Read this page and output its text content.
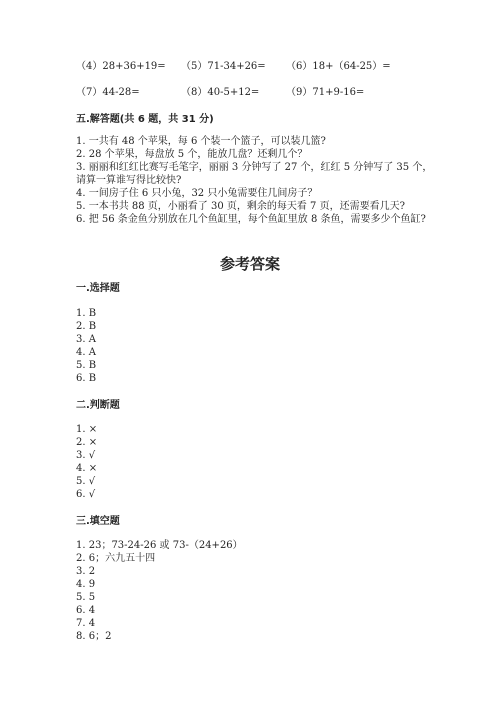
（4）28+36+19= （5）71-34+26= （6）18+（64-25）=
（7）44-28=	（8）40-5+12=	（9）71+9-16=
五.解答题(共 6 题，共 31 分)
1. 一共有 48 个苹果，每 6 个装一个篮子，可以装几篮?
2. 28 个苹果，每盘放 5 个，能放几盘？还剩几个？
3. 丽丽和红红比赛写毛笔字，丽丽 3 分钟写了 27 个，红红 5 分钟写了 35 个，
请算一算谁写得比较快?
4. 一间房子住 6 只小兔，32 只小兔需要住几间房子？
5. 一本书共 88 页，小丽看了 30 页，剩余的每天看 7 页，还需要看几天?
6. 把 56 条金鱼分别放在几个鱼缸里，每个鱼缸里放 8 条鱼，需要多少个鱼缸?
参考答案
一.选择题
1. B
2. B
3. A
4. A
5. B
6. B
二.判断题
1. ×
2. ×
3. √
4. ×
5. √
6. √
三.填空题
1. 23；73-24-26 或 73-（24+26）
2. 6；六九五十四
3. 2
4. 9
5. 5
6. 4
7. 4
8. 6；2
